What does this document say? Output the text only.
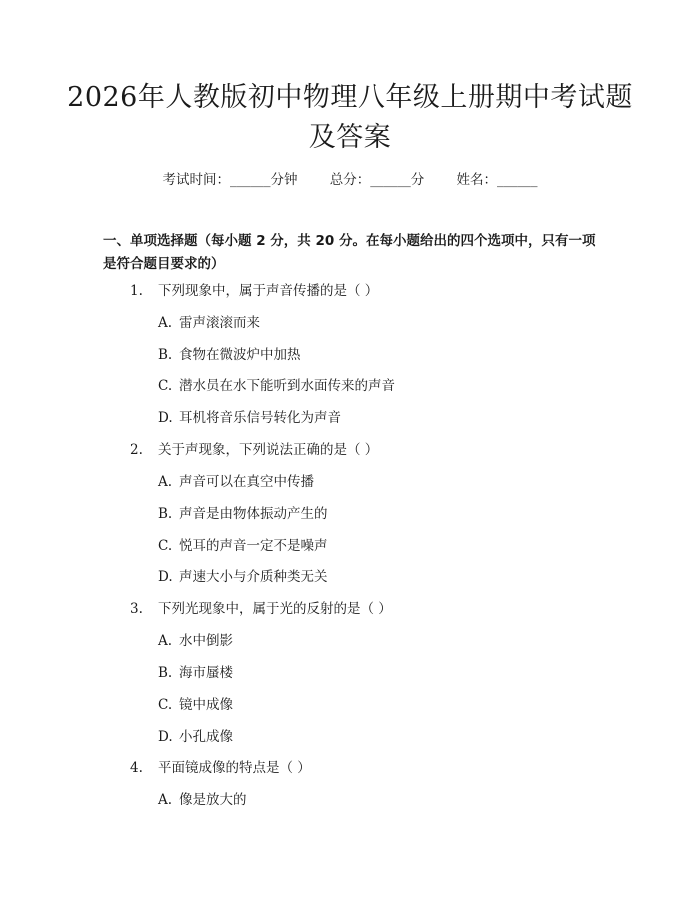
2026年人教版初中物理八年级上册期中考试题及答案
考试时间：______分钟 总分：______分 姓名：______
一、单项选择题（每小题 2 分，共 20 分。在每小题给出的四个选项中，只有一项是符合题目要求的）
1. 下列现象中，属于声音传播的是（ ）
A. 雷声滚滚而来
B. 食物在微波炉中加热
C. 潜水员在水下能听到水面传来的声音
D. 耳机将音乐信号转化为声音
2. 关于声现象，下列说法正确的是（ ）
A. 声音可以在真空中传播
B. 声音是由物体振动产生的
C. 悦耳的声音一定不是噪声
D. 声速大小与介质种类无关
3. 下列光现象中，属于光的反射的是（ ）
A. 水中倒影
B. 海市蜃楼
C. 镜中成像
D. 小孔成像
4. 平面镜成像的特点是（ ）
A. 像是放大的
